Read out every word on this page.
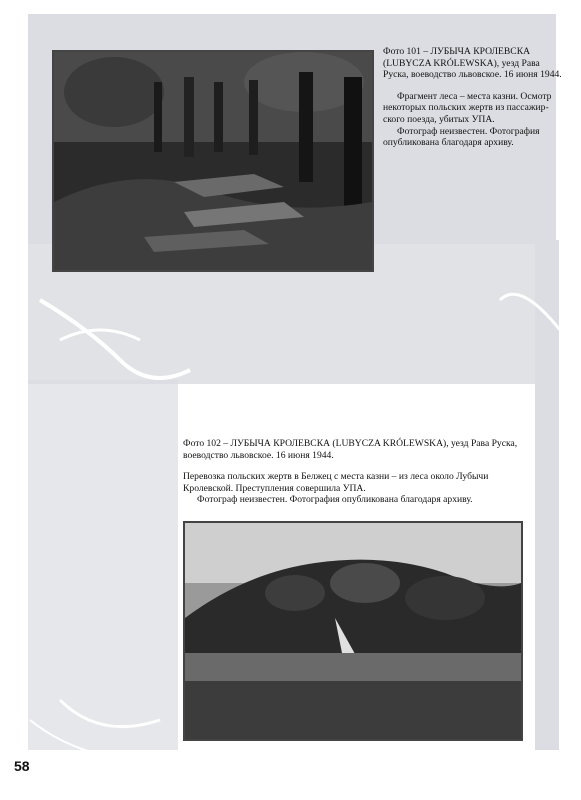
Фото 101 – ЛУБЫЧА КРОЛЕВСКА (LUBYCZA KRÓLEWSKA), уезд Рава Руска, воеводство львовское. 16 июня 1944.

Фрагмент леса – места казни. Осмотр некоторых польских жертв из пассажир-ского поезда, убитых УПА.

Фотограф неизвестен. Фотография опубликована благодаря архиву.

Фото 102 – ЛУБЫЧА КРОЛЕВСКА (LUBYCZA KRÓLEWSKA), уезд Рава Руска, воеводство львовское. 16 июня 1944.

Перевозка польских жертв в Белжец с места казни – из леса около Лубычи Кролевской. Преступления совершила УПА.

Фотограф неизвестен. Фотография опубликована благодаря архиву.

58
